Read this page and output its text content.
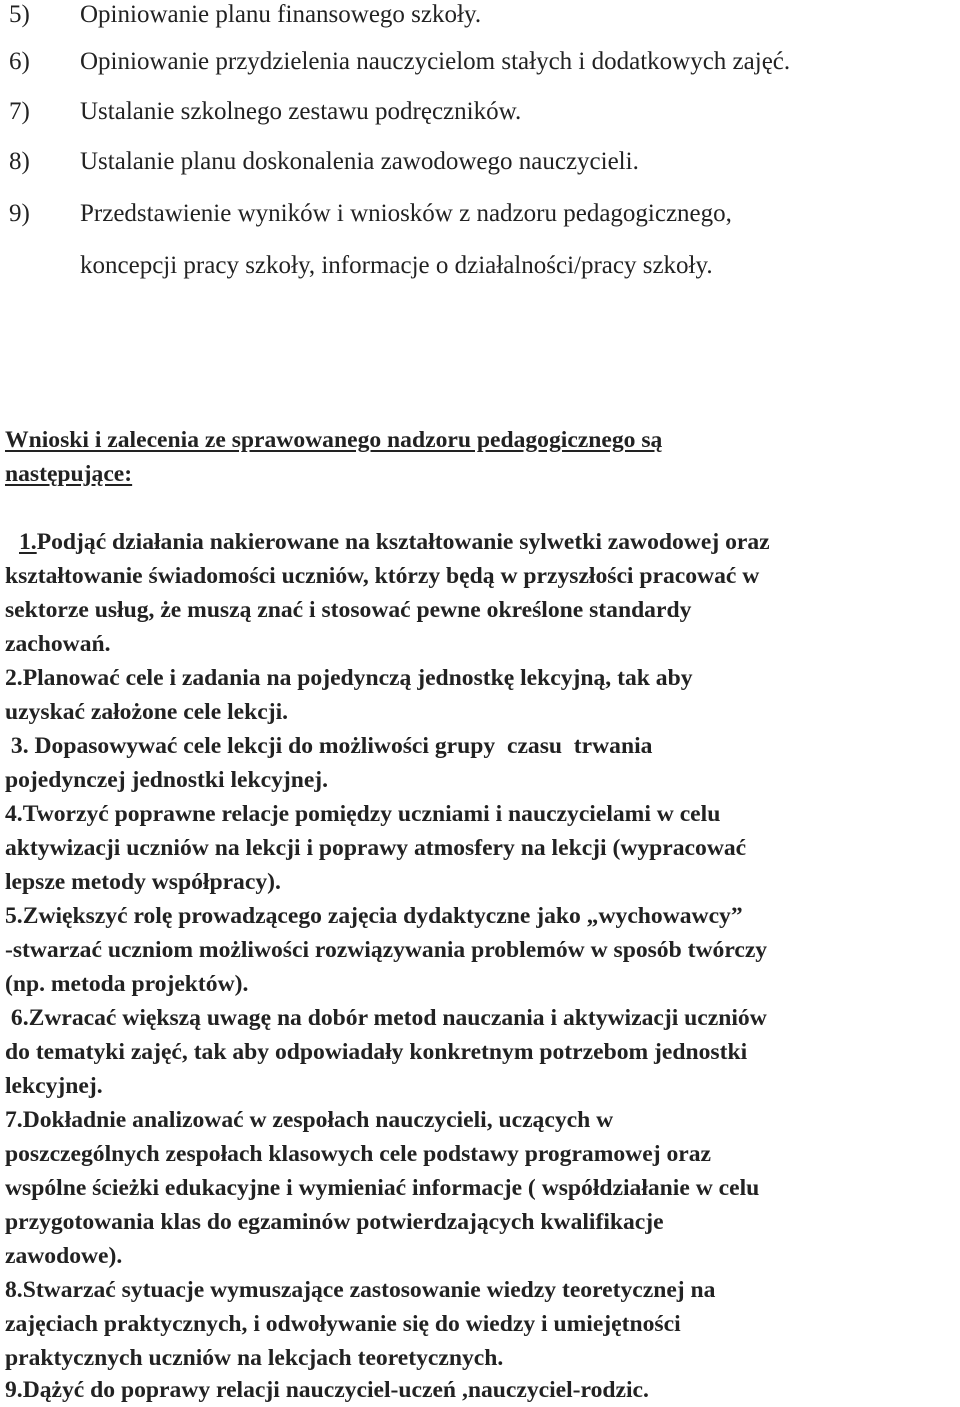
5) Opiniowanie planu finansowego szkoły.
6) Opiniowanie przydzielenia nauczycielom stałych i dodatkowych zajęć.
7) Ustalanie szkolnego zestawu podręczników.
8) Ustalanie planu doskonalenia zawodowego nauczycieli.
9) Przedstawienie wyników i wniosków z nadzoru pedagogicznego,
koncepcji pracy szkoły, informacje o działalności/pracy szkoły.
Wnioski i zalecenia ze sprawowanego nadzoru pedagogicznego są
następujące:
1.Podjąć działania nakierowane na kształtowanie sylwetki zawodowej oraz
kształtowanie świadomości uczniów, którzy będą w przyszłości pracować w
sektorze usług, że muszą znać i stosować pewne określone standardy
zachowań.
2.Planować cele i zadania na pojedynczą jednostkę lekcyjną, tak aby
uzyskać założone cele lekcji.
3. Dopasowywać cele lekcji do możliwości grupy  czasu  trwania
pojedynczej jednostki lekcyjnej.
4.Tworzyć poprawne relacje pomiędzy uczniami i nauczycielami w celu
aktywizacji uczniów na lekcji i poprawy atmosfery na lekcji (wypracować
lepsze metody współpracy).
5.Zwiększyć rolę prowadzącego zajęcia dydaktyczne jako „wychowawcy”
-stwarzać uczniom możliwości rozwiązywania problemów w sposób twórczy
(np. metoda projektów).
6.Zwracać większą uwagę na dobór metod nauczania i aktywizacji uczniów
do tematyki zajęć, tak aby odpowiadały konkretnym potrzebom jednostki
lekcyjnej.
7.Dokładnie analizować w zespołach nauczycieli, uczących w
poszczególnych zespołach klasowych cele podstawy programowej oraz
wspólne ścieżki edukacyjne i wymieniać informacje ( współdziałanie w celu
przygotowania klas do egzaminów potwierdzających kwalifikacje
zawodowe).
8.Stwarzać sytuacje wymuszające zastosowanie wiedzy teoretycznej na
zajęciach praktycznych, i odwoływanie się do wiedzy i umiejętności
praktycznych uczniów na lekcjach teoretycznych.
9.Dążyć do poprawy relacji nauczyciel-uczeń ,nauczyciel-rodzic.
